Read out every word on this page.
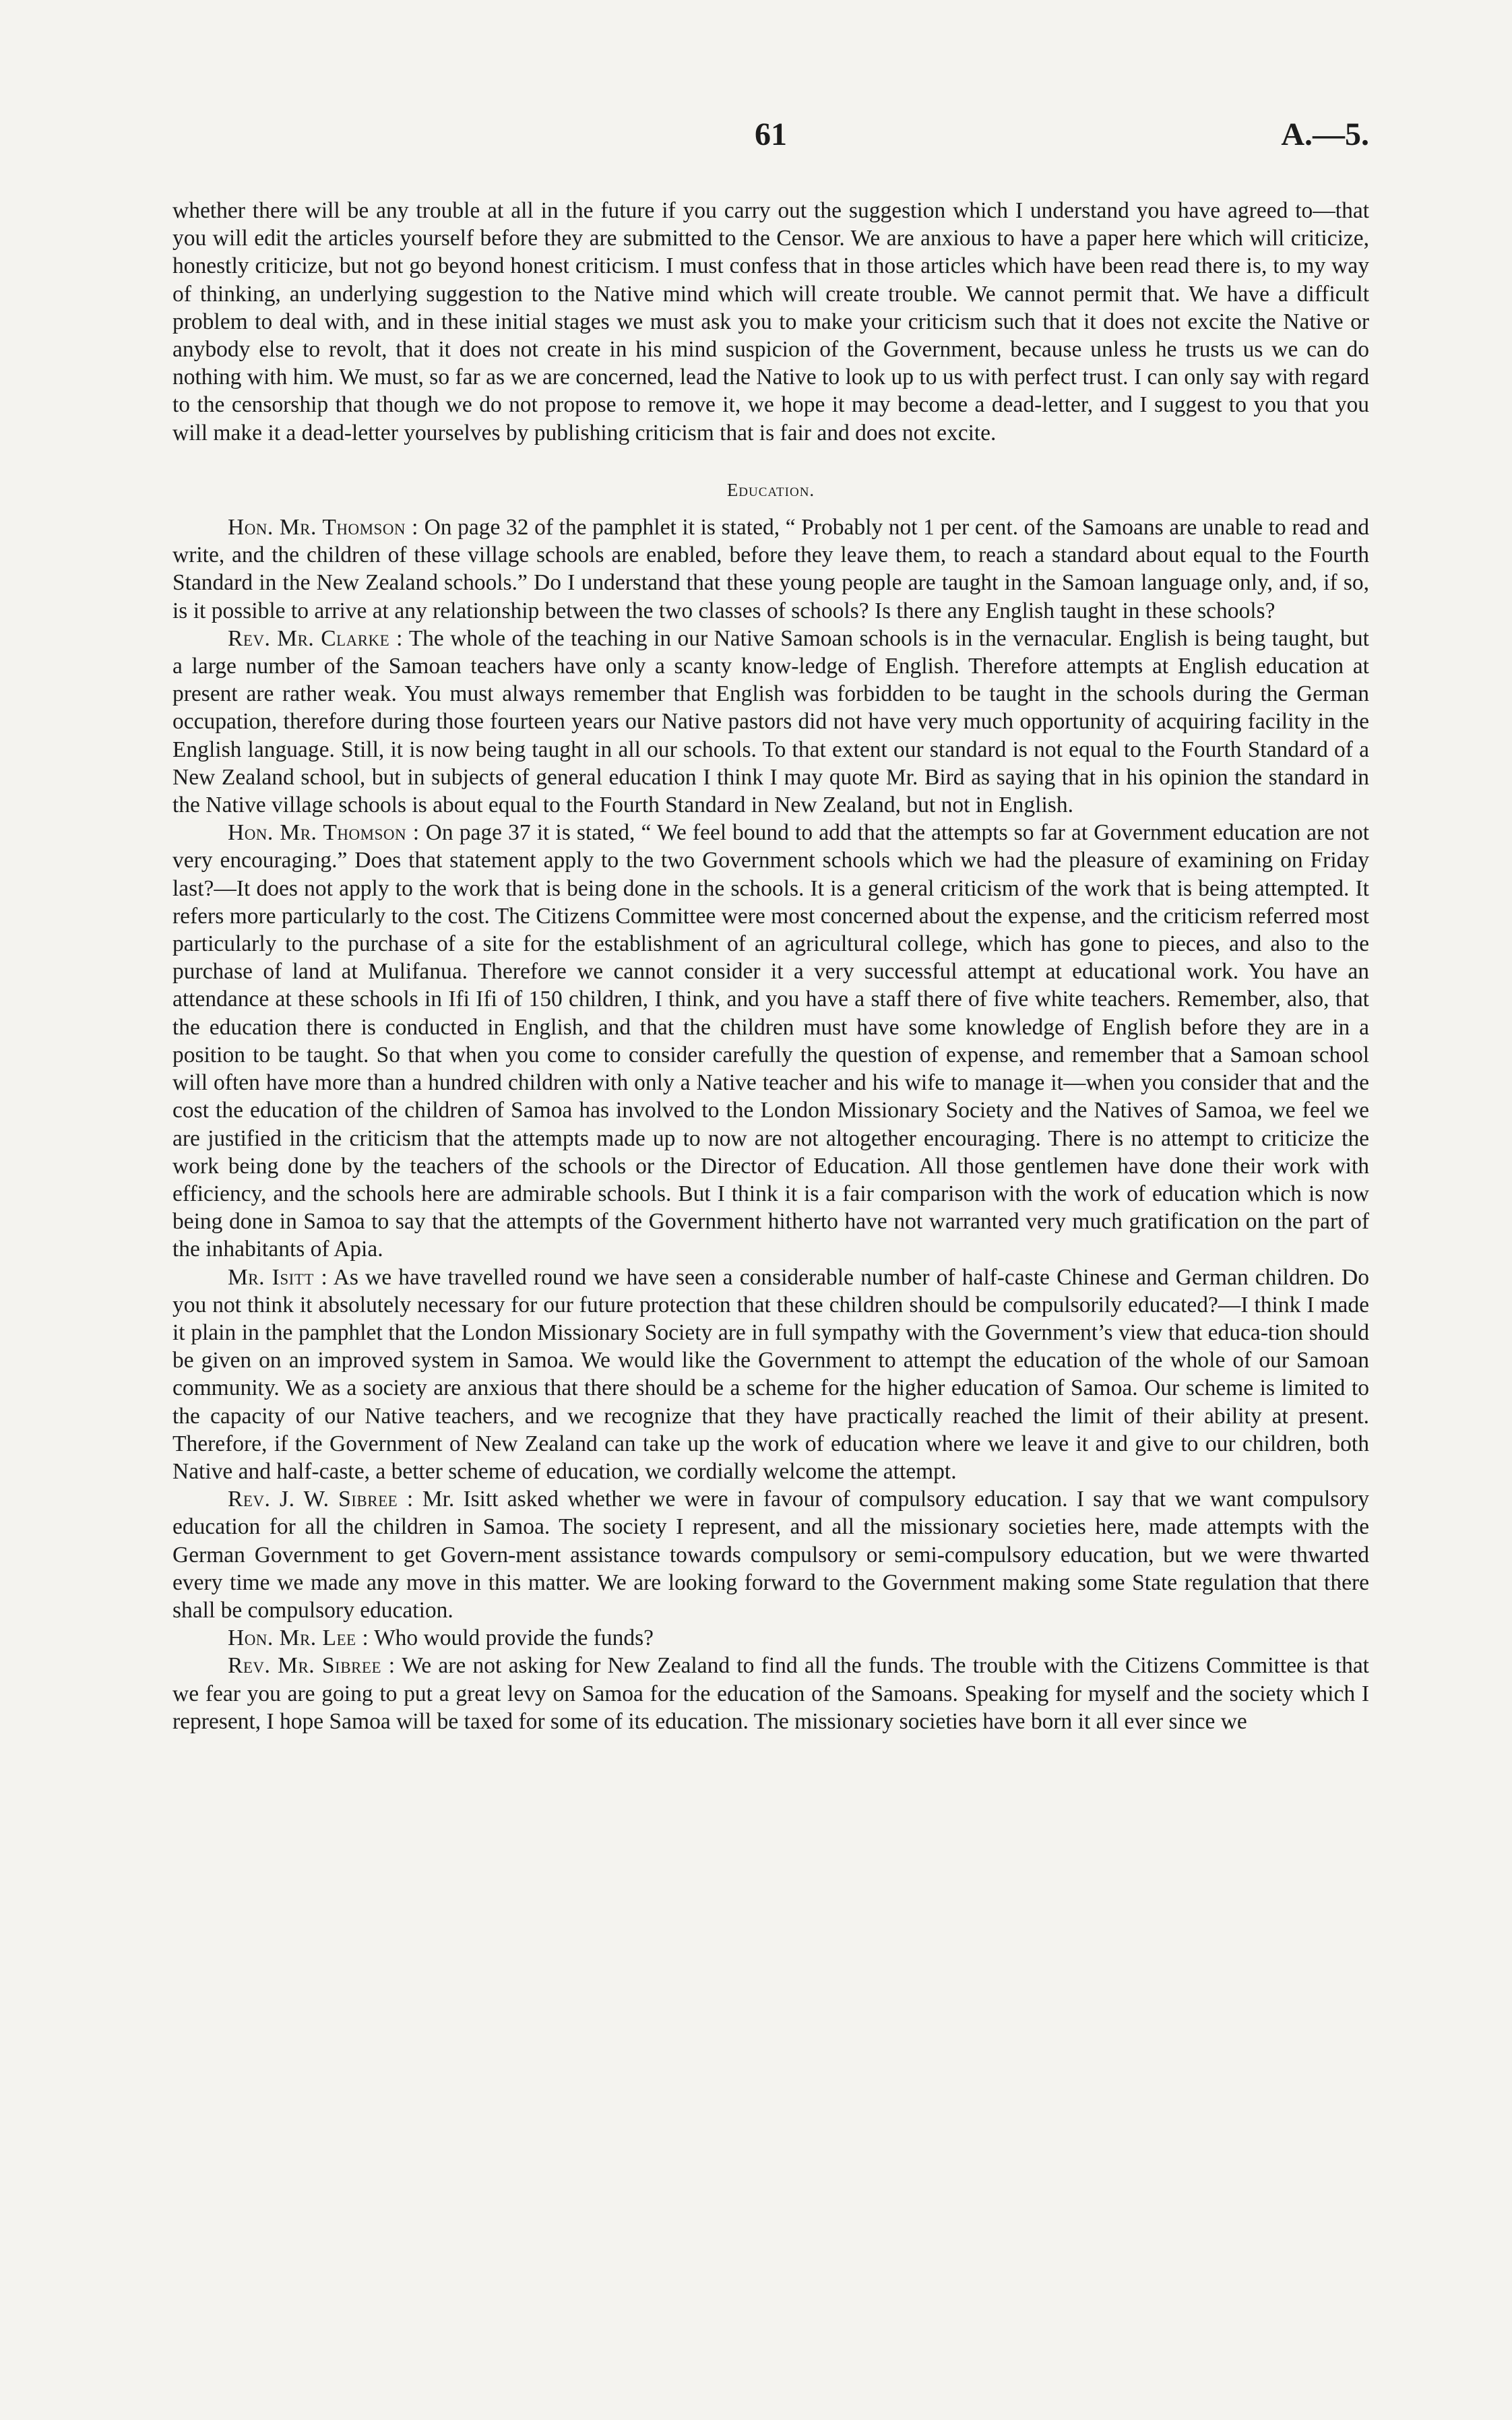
61	A.—5.

whether there will be any trouble at all in the future if you carry out the suggestion which I understand you have agreed to—that you will edit the articles yourself before they are submitted to the Censor. We are anxious to have a paper here which will criticize, honestly criticize, but not go beyond honest criticism. I must confess that in those articles which have been read there is, to my way of thinking, an underlying suggestion to the Native mind which will create trouble. We cannot permit that. We have a difficult problem to deal with, and in these initial stages we must ask you to make your criticism such that it does not excite the Native or anybody else to revolt, that it does not create in his mind suspicion of the Government, because unless he trusts us we can do nothing with him. We must, so far as we are concerned, lead the Native to look up to us with perfect trust. I can only say with regard to the censorship that though we do not propose to remove it, we hope it may become a dead-letter, and I suggest to you that you will make it a dead-letter yourselves by publishing criticism that is fair and does not excite.

Education.

Hon. Mr. Thomson : On page 32 of the pamphlet it is stated, “ Probably not 1 per cent. of the Samoans are unable to read and write, and the children of these village schools are enabled, before they leave them, to reach a standard about equal to the Fourth Standard in the New Zealand schools.” Do I understand that these young people are taught in the Samoan language only, and, if so, is it possible to arrive at any relationship between the two classes of schools? Is there any English taught in these schools?

Rev. Mr. Clarke : The whole of the teaching in our Native Samoan schools is in the vernacular. English is being taught, but a large number of the Samoan teachers have only a scanty know-ledge of English. Therefore attempts at English education at present are rather weak. You must always remember that English was forbidden to be taught in the schools during the German occupation, therefore during those fourteen years our Native pastors did not have very much opportunity of acquiring facility in the English language. Still, it is now being taught in all our schools. To that extent our standard is not equal to the Fourth Standard of a New Zealand school, but in subjects of general education I think I may quote Mr. Bird as saying that in his opinion the standard in the Native village schools is about equal to the Fourth Standard in New Zealand, but not in English.

Hon. Mr. Thomson : On page 37 it is stated, “ We feel bound to add that the attempts so far at Government education are not very encouraging.” Does that statement apply to the two Government schools which we had the pleasure of examining on Friday last?—It does not apply to the work that is being done in the schools. It is a general criticism of the work that is being attempted. It refers more particularly to the cost. The Citizens Committee were most concerned about the expense, and the criticism referred most particularly to the purchase of a site for the establishment of an agricultural college, which has gone to pieces, and also to the purchase of land at Mulifanua. Therefore we cannot consider it a very successful attempt at educational work. You have an attendance at these schools in Ifi Ifi of 150 children, I think, and you have a staff there of five white teachers. Remember, also, that the education there is conducted in English, and that the children must have some knowledge of English before they are in a position to be taught. So that when you come to consider carefully the question of expense, and remember that a Samoan school will often have more than a hundred children with only a Native teacher and his wife to manage it—when you consider that and the cost the education of the children of Samoa has involved to the London Missionary Society and the Natives of Samoa, we feel we are justified in the criticism that the attempts made up to now are not altogether encouraging. There is no attempt to criticize the work being done by the teachers of the schools or the Director of Education. All those gentlemen have done their work with efficiency, and the schools here are admirable schools. But I think it is a fair comparison with the work of education which is now being done in Samoa to say that the attempts of the Government hitherto have not warranted very much gratification on the part of the inhabitants of Apia.

Mr. Isitt : As we have travelled round we have seen a considerable number of half-caste Chinese and German children. Do you not think it absolutely necessary for our future protection that these children should be compulsorily educated?—I think I made it plain in the pamphlet that the London Missionary Society are in full sympathy with the Government’s view that educa-tion should be given on an improved system in Samoa. We would like the Government to attempt the education of the whole of our Samoan community. We as a society are anxious that there should be a scheme for the higher education of Samoa. Our scheme is limited to the capacity of our Native teachers, and we recognize that they have practically reached the limit of their ability at present. Therefore, if the Government of New Zealand can take up the work of education where we leave it and give to our children, both Native and half-caste, a better scheme of education, we cordially welcome the attempt.

Rev. J. W. Sibree : Mr. Isitt asked whether we were in favour of compulsory education. I say that we want compulsory education for all the children in Samoa. The society I represent, and all the missionary societies here, made attempts with the German Government to get Govern-ment assistance towards compulsory or semi-compulsory education, but we were thwarted every time we made any move in this matter. We are looking forward to the Government making some State regulation that there shall be compulsory education.

Hon. Mr. Lee : Who would provide the funds?

Rev. Mr. Sibree : We are not asking for New Zealand to find all the funds. The trouble with the Citizens Committee is that we fear you are going to put a great levy on Samoa for the education of the Samoans. Speaking for myself and the society which I represent, I hope Samoa will be taxed for some of its education. The missionary societies have born it all ever since we
